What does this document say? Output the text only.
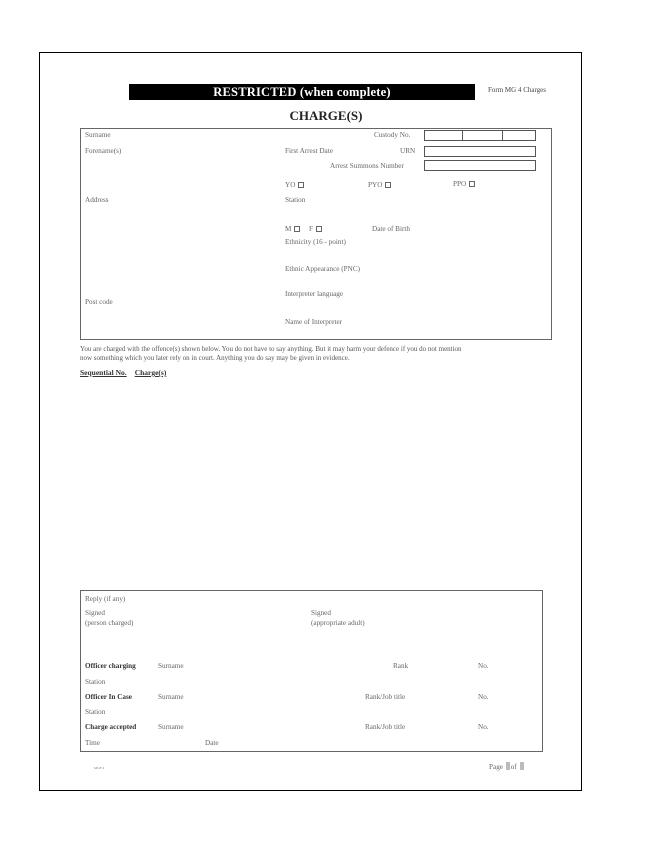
RESTRICTED (when complete)	Form MG 4 Charges
CHARGE(S)
Surname	Custody No.
Forename(s)	First Arrest Date	URN
Arrest Summons Number
YO	PYO	PPO
Address	Station
M	F	Date of Birth
Ethnicity (16 - point)
Ethnic Appearance (PNC)
Interpreter language
Post code
Name of Interpreter
You are charged with the offence(s) shown below. You do not have to say anything. But it may harm your defence if you do not mention
now something which you later rely on in court. Anything you do say may be given in evidence.
Sequential No. Charge(s)
Reply (if any)
Signed
(person charged)
Signed
(appropriate adult)
Officer charging	Surname	Rank	No.
Station
Officer In Case	Surname	Rank/Job title	No.
Station
Charge accepted	Surname	Rank/Job title	No.
Time	Date
MGF 4	Page of
